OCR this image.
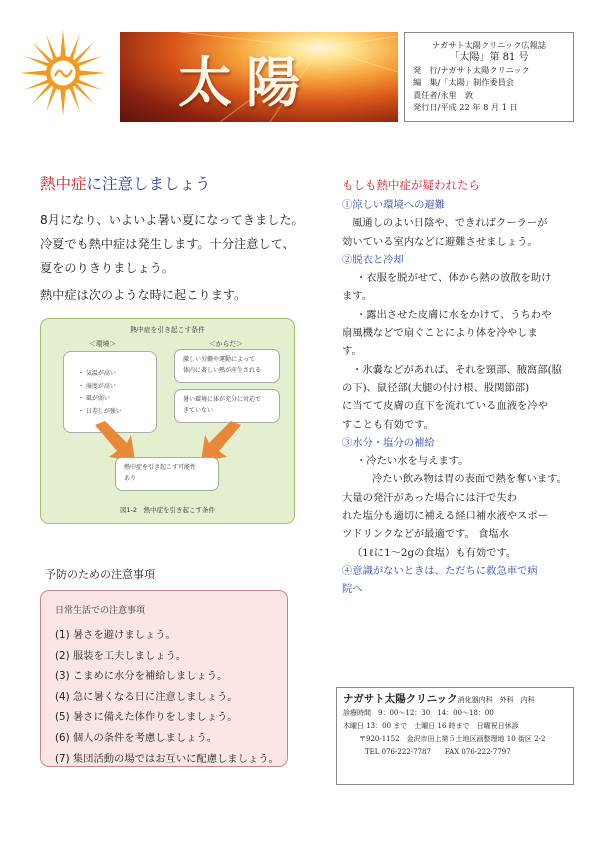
太陽
ナガサト太陽クリニック広報誌
「太陽」第 81 号
発　行/ナガサト太陽クリニック
編　集/「太陽」制作委員会
責任者/永里　敦
発行日/平成 22 年 8 月 1 日
熱中症に注意しましょう
8月になり、いよいよ暑い夏になってきました。
冷夏でも熱中症は発生します。十分注意して、
夏をのりきりましょう。
熱中症は次のような時に起こります。
熱中症を引き起こす条件
＜環境＞	＜からだ＞
・ 気温が高い
・ 湿度が高い
・ 風が弱い
・ 日差しが強い
激しい労働や運動によって
体内に著しい熱が産生される
暑い環境に体が充分に対応で
きていない
熱中症を引き起こす可能性
あり
図1-2　熱中症を引き起こす条件
予防のための注意事項
日常生活での注意事項
(1) 暑さを避けましょう。
(2) 服装を工夫しましょう。
(3) こまめに水分を補給しましょう。
(4) 急に暑くなる日に注意しましょう。
(5) 暑さに備えた体作りをしましょう。
(6) 個人の条件を考慮しましょう。
(7) 集団活動の場ではお互いに配慮しましょう。
もしも熱中症が疑われたら

①涼しい環境への避難

風通しのよい日陰や、できればクーラーが

効いている室内などに避難させましょう。

②脱衣と冷却

・衣服を脱がせて、体から熱の放散を助け

ます。

・露出させた皮膚に水をかけて、うちわや

扇風機などで扇ぐことにより体を冷やしま

す。

・氷嚢などがあれば、それを頸部、腋窩部(脇

の下)、鼠径部(大腿の付け根、股関節部)

に当てて皮膚の直下を流れている血液を冷や

すことも有効です。

③水分・塩分の補給

・冷たい水を与えます。

冷たい飲み物は胃の表面で熱を奪います。

大量の発汗があった場合には汗で失わ

れた塩分も適切に補える経口補水液やスポー

ツドリンクなどが最適です。 食塩水

（1ℓに1～2gの食塩）も有効です。

④意識がないときは、ただちに救急車で病

院へ

ナガサト太陽クリニック消化器内科　外科　内科
診療時間　9：00～12：30　14：00～18：00
木曜日 13：00 まで　土曜日 16 時まで　日曜祝日休診
〒920-1152　金沢市田上第５土地区画整理地 10 街区 2-2
TEL 076-222-7787　　FAX 076-222-7797
